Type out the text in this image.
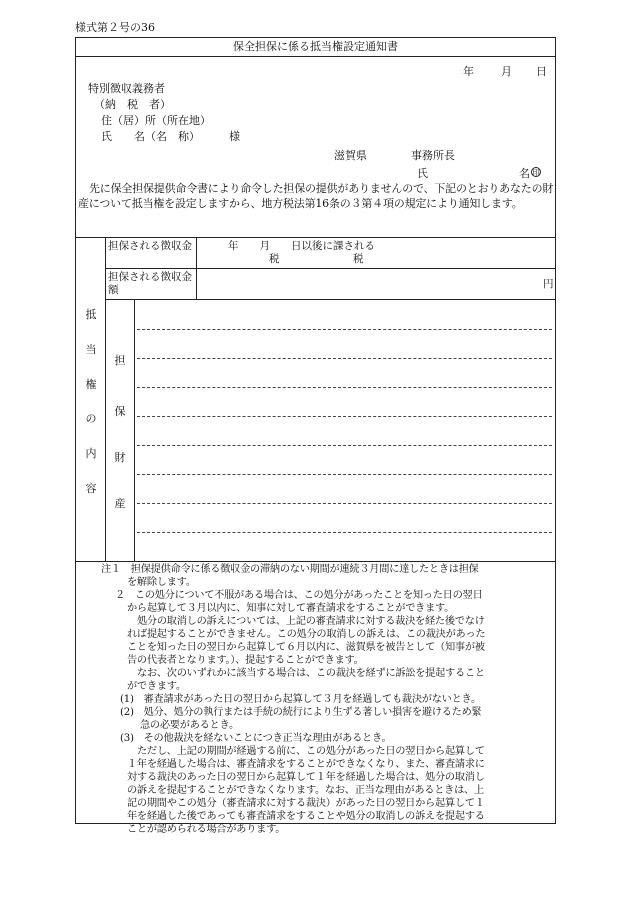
様式第２号の36
保全担保に係る抵当権設定通知書
年 月 日
特別徴収義務者
（納　税　者）
住（居）所（所在地）
氏　　名（名　称）	様
滋賀県　　　　事務所長
氏	名 印
先に保全担保提供命令書により命令した担保の提供がありませんので、下記のとおりあなたの財産について抵当権を設定しますから、地方税法第16条の３第４項の規定により通知します。
担保される徴収金	年　　月　　日以後に課される
税　　　　　　　税
担保される徴収金額	円
抵
当
権
の
内
容
担
保
財
産
注１　担保提供命令に係る徴収金の滞納のない期間が連続３月間に達したときは担保
を解除します。
２　この処分について不服がある場合は、この処分があったことを知った日の翌日
から起算して３月以内に、知事に対して審査請求をすることができます。
処分の取消しの訴えについては、上記の審査請求に対する裁決を経た後でなけ
れば提起することができません。この処分の取消しの訴えは、この裁決があった
ことを知った日の翌日から起算して６月以内に、滋賀県を被告として（知事が被
告の代表者となります。）、提起することができます。
なお、次のいずれかに該当する場合は、この裁決を経ずに訴訟を提起すること
ができます。
(1)　審査請求があった日の翌日から起算して３月を経過しても裁決がないとき。
(2)　処分、処分の執行または手続の続行により生ずる著しい損害を避けるため緊
急の必要があるとき。
(3)　その他裁決を経ないことにつき正当な理由があるとき。
ただし、上記の期間が経過する前に、この処分があった日の翌日から起算して
１年を経過した場合は、審査請求をすることができなくなり、また、審査請求に
対する裁決のあった日の翌日から起算して１年を経過した場合は、処分の取消し
の訴えを提起することができなくなります。なお、正当な理由があるときは、上
記の期間やこの処分（審査請求に対する裁決）があった日の翌日から起算して１
年を経過した後であっても審査請求をすることや処分の取消しの訴えを提起する
ことが認められる場合があります。
